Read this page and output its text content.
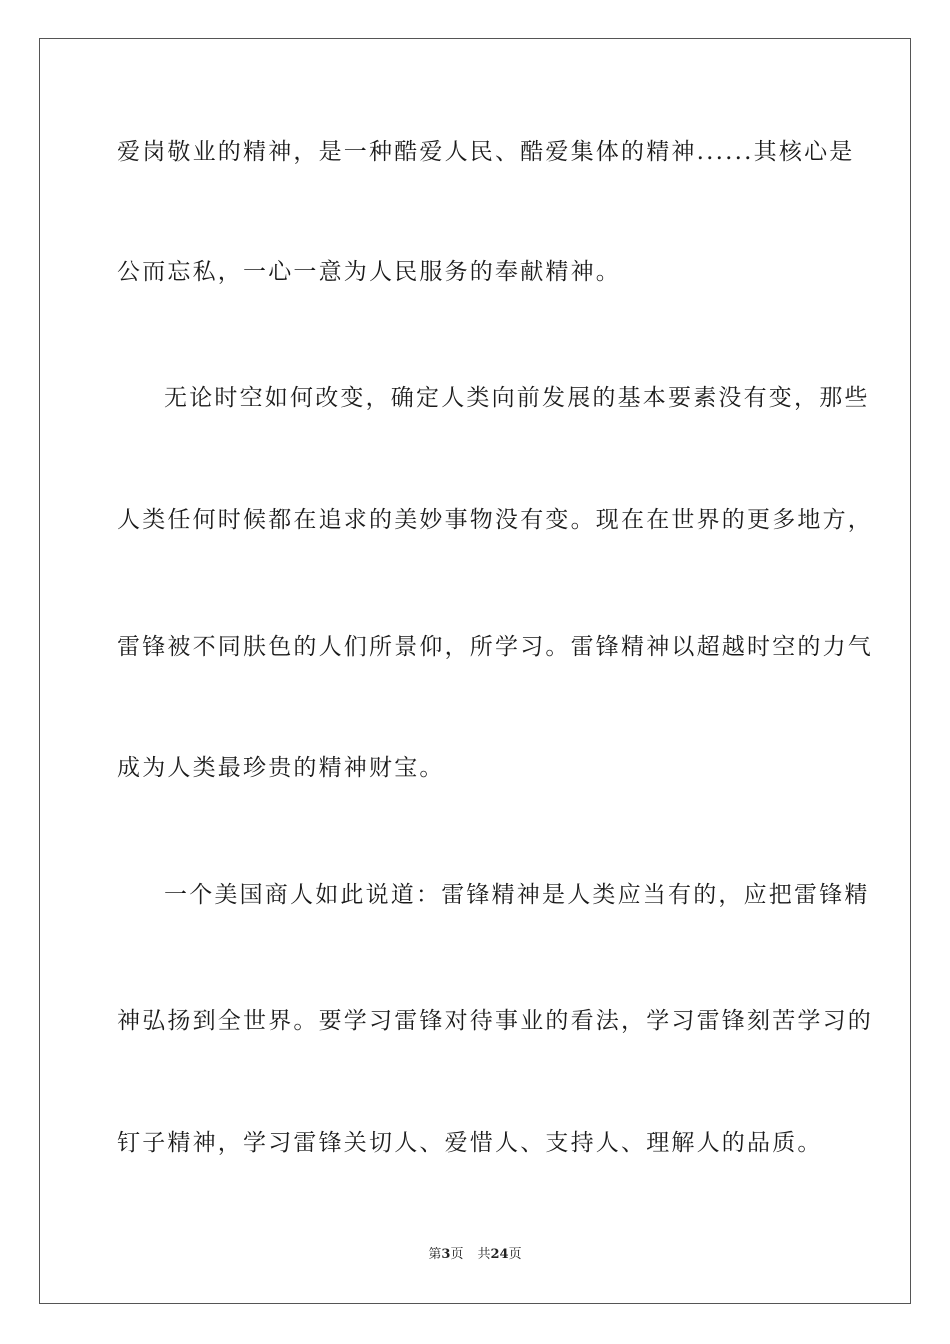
爱岗敬业的精神，是一种酷爱人民、酷爱集体的精神......其核心是
公而忘私，一心一意为人民服务的奉献精神。
无论时空如何改变，确定人类向前发展的基本要素没有变，那些
人类任何时候都在追求的美妙事物没有变。现在在世界的更多地方，
雷锋被不同肤色的人们所景仰，所学习。雷锋精神以超越时空的力气
成为人类最珍贵的精神财宝。
一个美国商人如此说道：雷锋精神是人类应当有的，应把雷锋精
神弘扬到全世界。要学习雷锋对待事业的看法，学习雷锋刻苦学习的
钉子精神，学习雷锋关切人、爱惜人、支持人、理解人的品质。
第3页 共24页
